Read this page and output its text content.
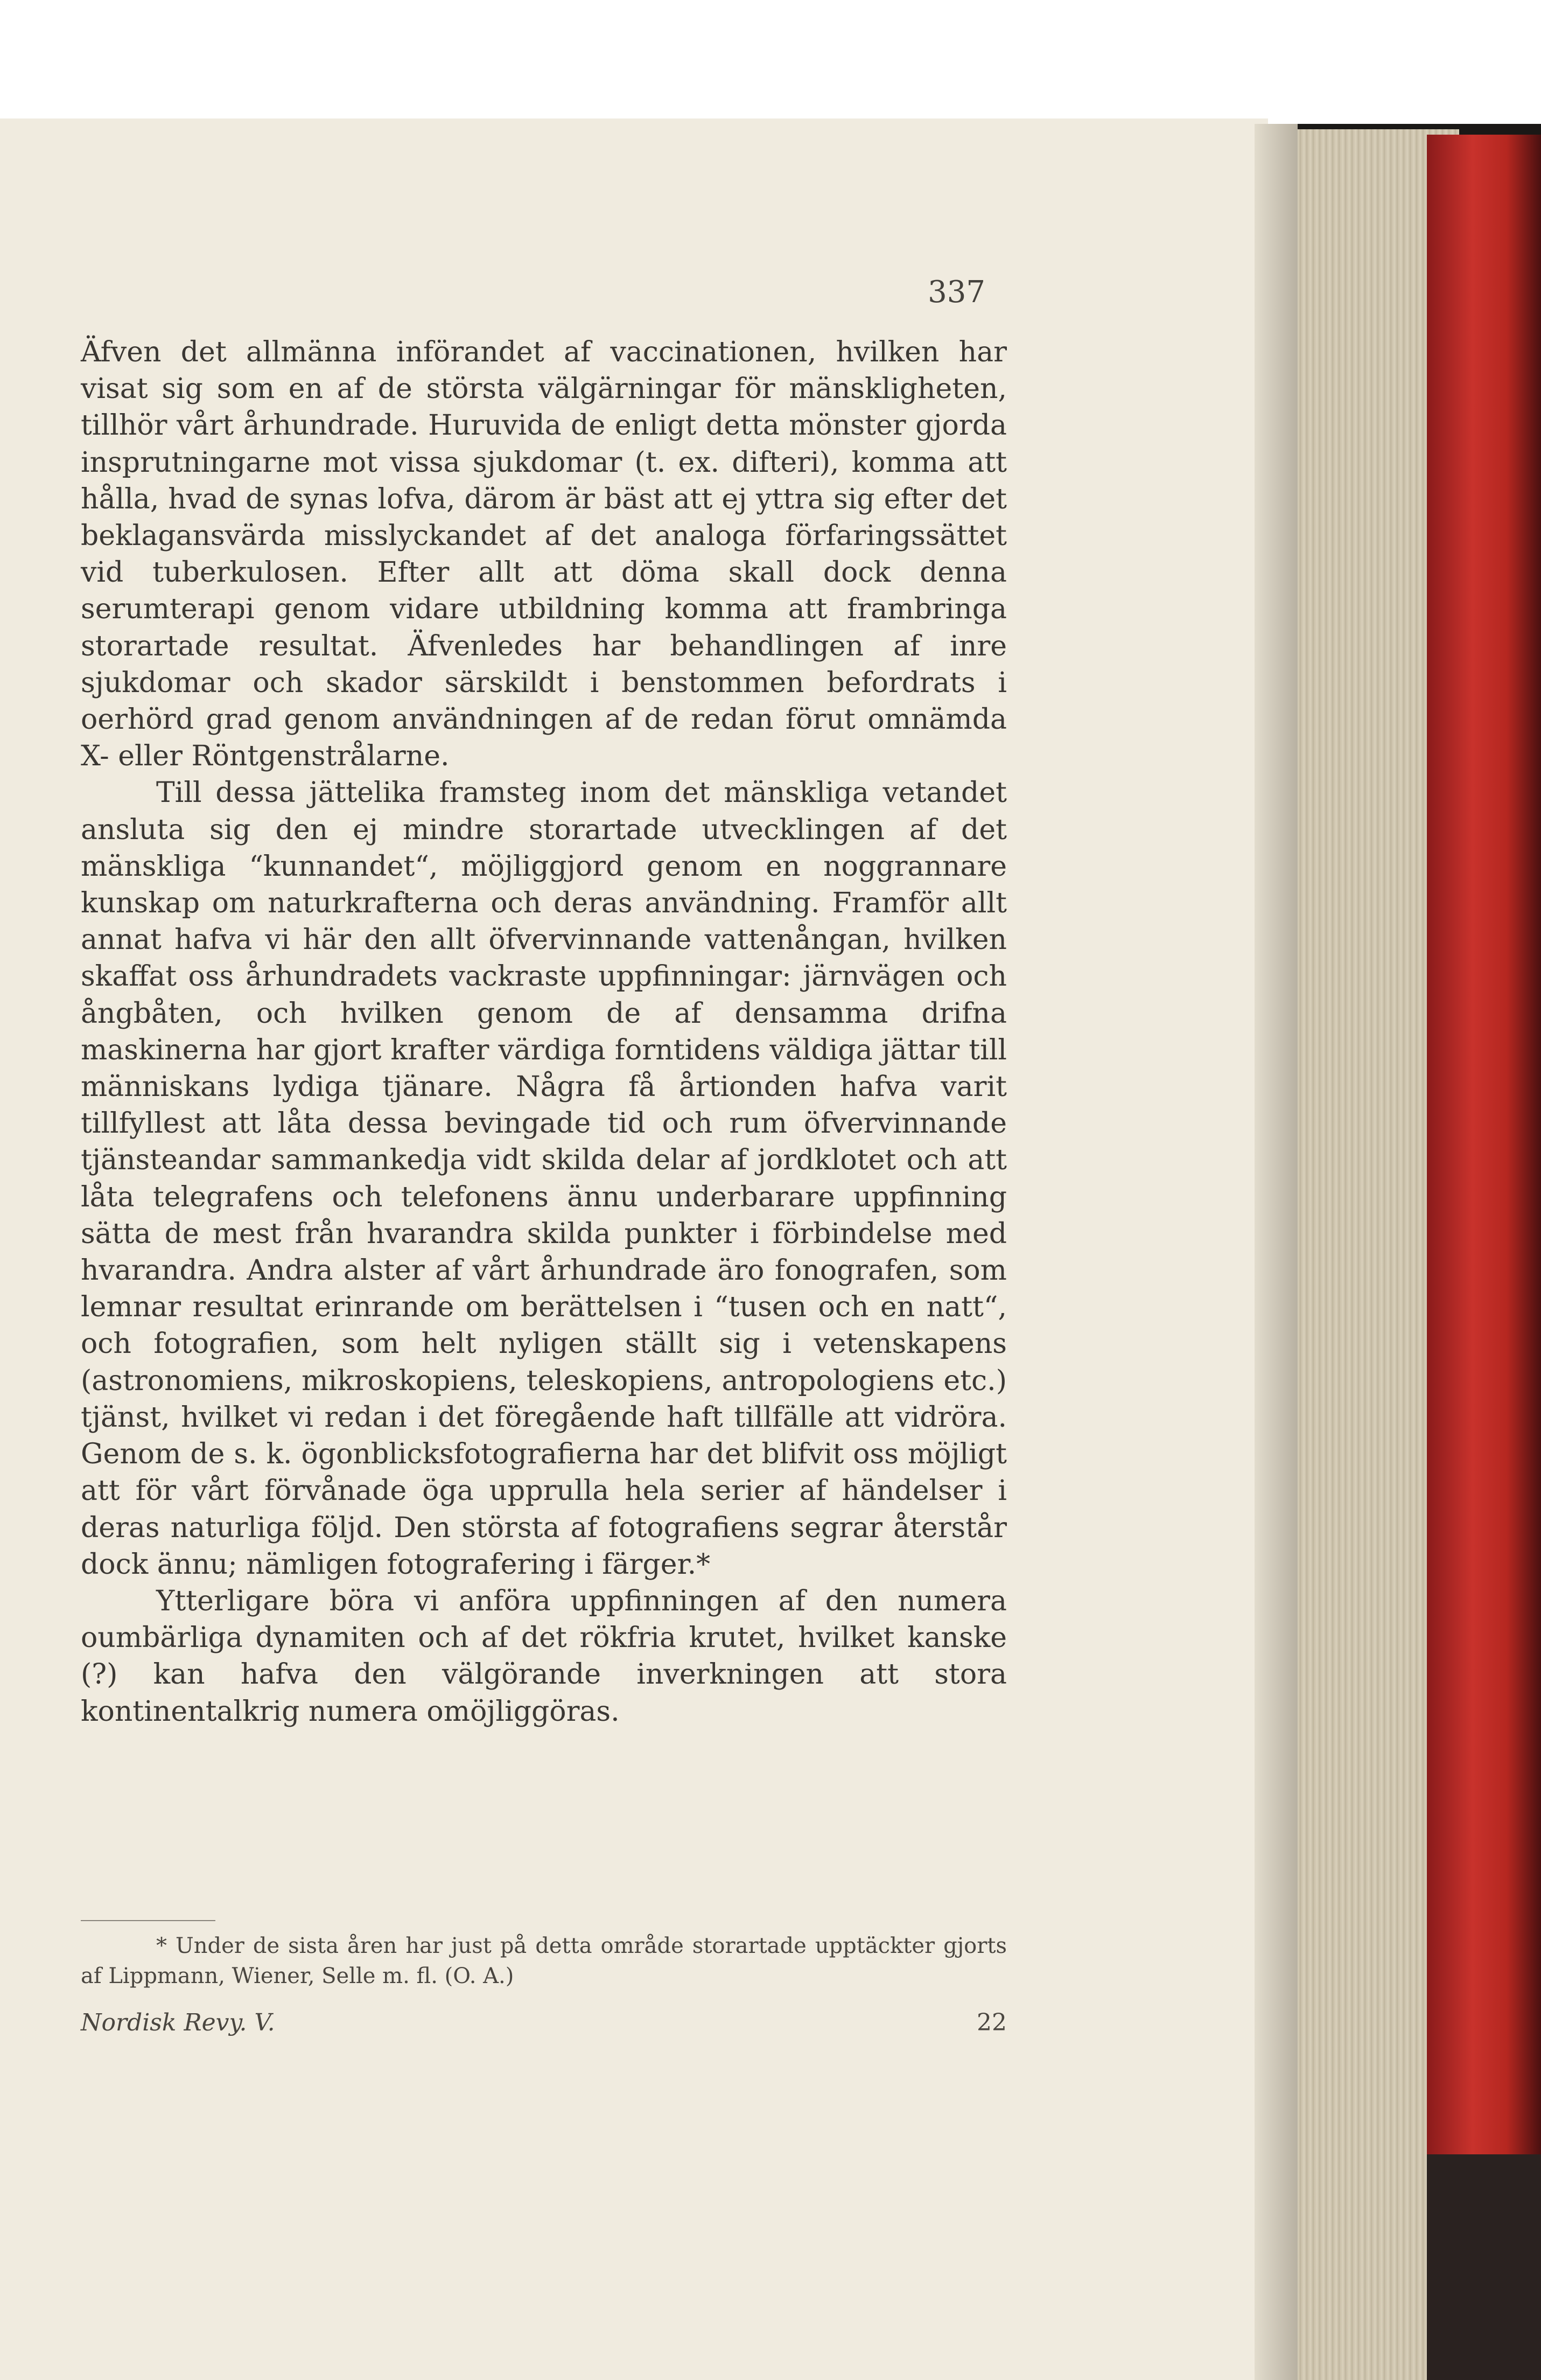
337

Äfven det allmänna införandet af vaccinationen, hvilken har visat sig som en af de största välgärningar för mänskligheten, tillhör vårt århundrade. Huruvida de enligt detta mönster gjorda insprutningarne mot vissa sjukdomar (t. ex. difteri), komma att hålla, hvad de synas lofva, därom är bäst att ej yttra sig efter det beklagansvärda misslyckandet af det analoga förfaringssättet vid tuberkulosen. Efter allt att döma skall dock denna serumterapi genom vidare utbildning komma att frambringa storartade resultat. Äfvenledes har behandlingen af inre sjukdomar och skador särskildt i benstommen befordrats i oerhörd grad genom användningen af de redan förut omnämda X- eller Röntgenstrålarne.

Till dessa jättelika framsteg inom det mänskliga vetandet ansluta sig den ej mindre storartade utvecklingen af det mänskliga “kunnandet“, möjliggjord genom en noggrannare kunskap om naturkrafterna och deras användning. Framför allt annat hafva vi här den allt öfvervinnande vattenångan, hvilken skaffat oss århundradets vackraste uppfinningar: järnvägen och ångbåten, och hvilken genom de af densamma drifna maskinerna har gjort krafter värdiga forntidens väldiga jättar till människans lydiga tjänare. Några få årtionden hafva varit tillfyllest att låta dessa bevingade tid och rum öfvervinnande tjänsteandar sammankedja vidt skilda delar af jordklotet och att låta telegrafens och telefonens ännu underbarare uppfinning sätta de mest från hvarandra skilda punkter i förbindelse med hvarandra. Andra alster af vårt århundrade äro fonografen, som lemnar resultat erinrande om berättelsen i “tusen och en natt“, och fotografien, som helt nyligen ställt sig i vetenskapens (astronomiens, mikroskopiens, teleskopiens, antropologiens etc.) tjänst, hvilket vi redan i det föregående haft tillfälle att vidröra. Genom de s. k. ögonblicksfotografierna har det blifvit oss möjligt att för vårt förvånade öga upprulla hela serier af händelser i deras naturliga följd. Den största af fotografiens segrar återstår dock ännu; nämligen fotografering i färger.*

Ytterligare böra vi anföra uppfinningen af den numera oumbärliga dynamiten och af det rökfria krutet, hvilket kanske (?) kan hafva den välgörande inverkningen att stora kontinentalkrig numera omöjliggöras.

* Under de sista åren har just på detta område storartade upptäckter gjorts af Lippmann, Wiener, Selle m. fl. (O. A.)

Nordisk Revy. V.	22
